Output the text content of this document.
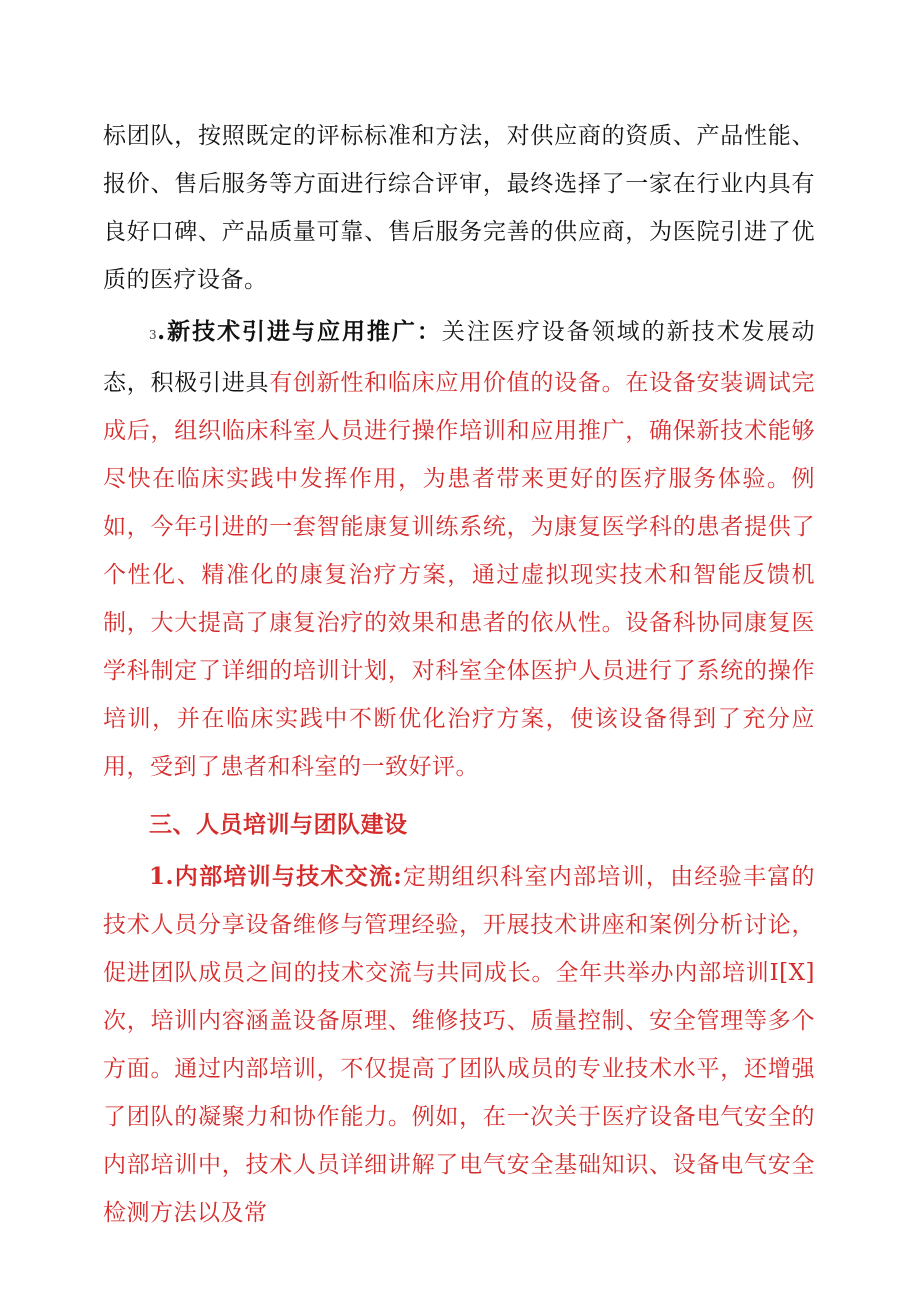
标团队，按照既定的评标标准和方法，对供应商的资质、产品性能、报价、售后服务等方面进行综合评审，最终选择了一家在行业内具有良好口碑、产品质量可靠、售后服务完善的供应商，为医院引进了优质的医疗设备。

3.新技术引进与应用推广：关注医疗设备领域的新技术发展动态，积极引进具有创新性和临床应用价值的设备。在设备安装调试完成后，组织临床科室人员进行操作培训和应用推广，确保新技术能够尽快在临床实践中发挥作用，为患者带来更好的医疗服务体验。例如，今年引进的一套智能康复训练系统，为康复医学科的患者提供了个性化、精准化的康复治疗方案，通过虚拟现实技术和智能反馈机制，大大提高了康复治疗的效果和患者的依从性。设备科协同康复医学科制定了详细的培训计划，对科室全体医护人员进行了系统的操作培训，并在临床实践中不断优化治疗方案，使该设备得到了充分应用，受到了患者和科室的一致好评。

三、人员培训与团队建设

1.内部培训与技术交流:定期组织科室内部培训，由经验丰富的技术人员分享设备维修与管理经验，开展技术讲座和案例分析讨论，促进团队成员之间的技术交流与共同成长。全年共举办内部培训I[X]次，培训内容涵盖设备原理、维修技巧、质量控制、安全管理等多个方面。通过内部培训，不仅提高了团队成员的专业技术水平，还增强了团队的凝聚力和协作能力。例如，在一次关于医疗设备电气安全的内部培训中，技术人员详细讲解了电气安全基础知识、设备电气安全检测方法以及常
